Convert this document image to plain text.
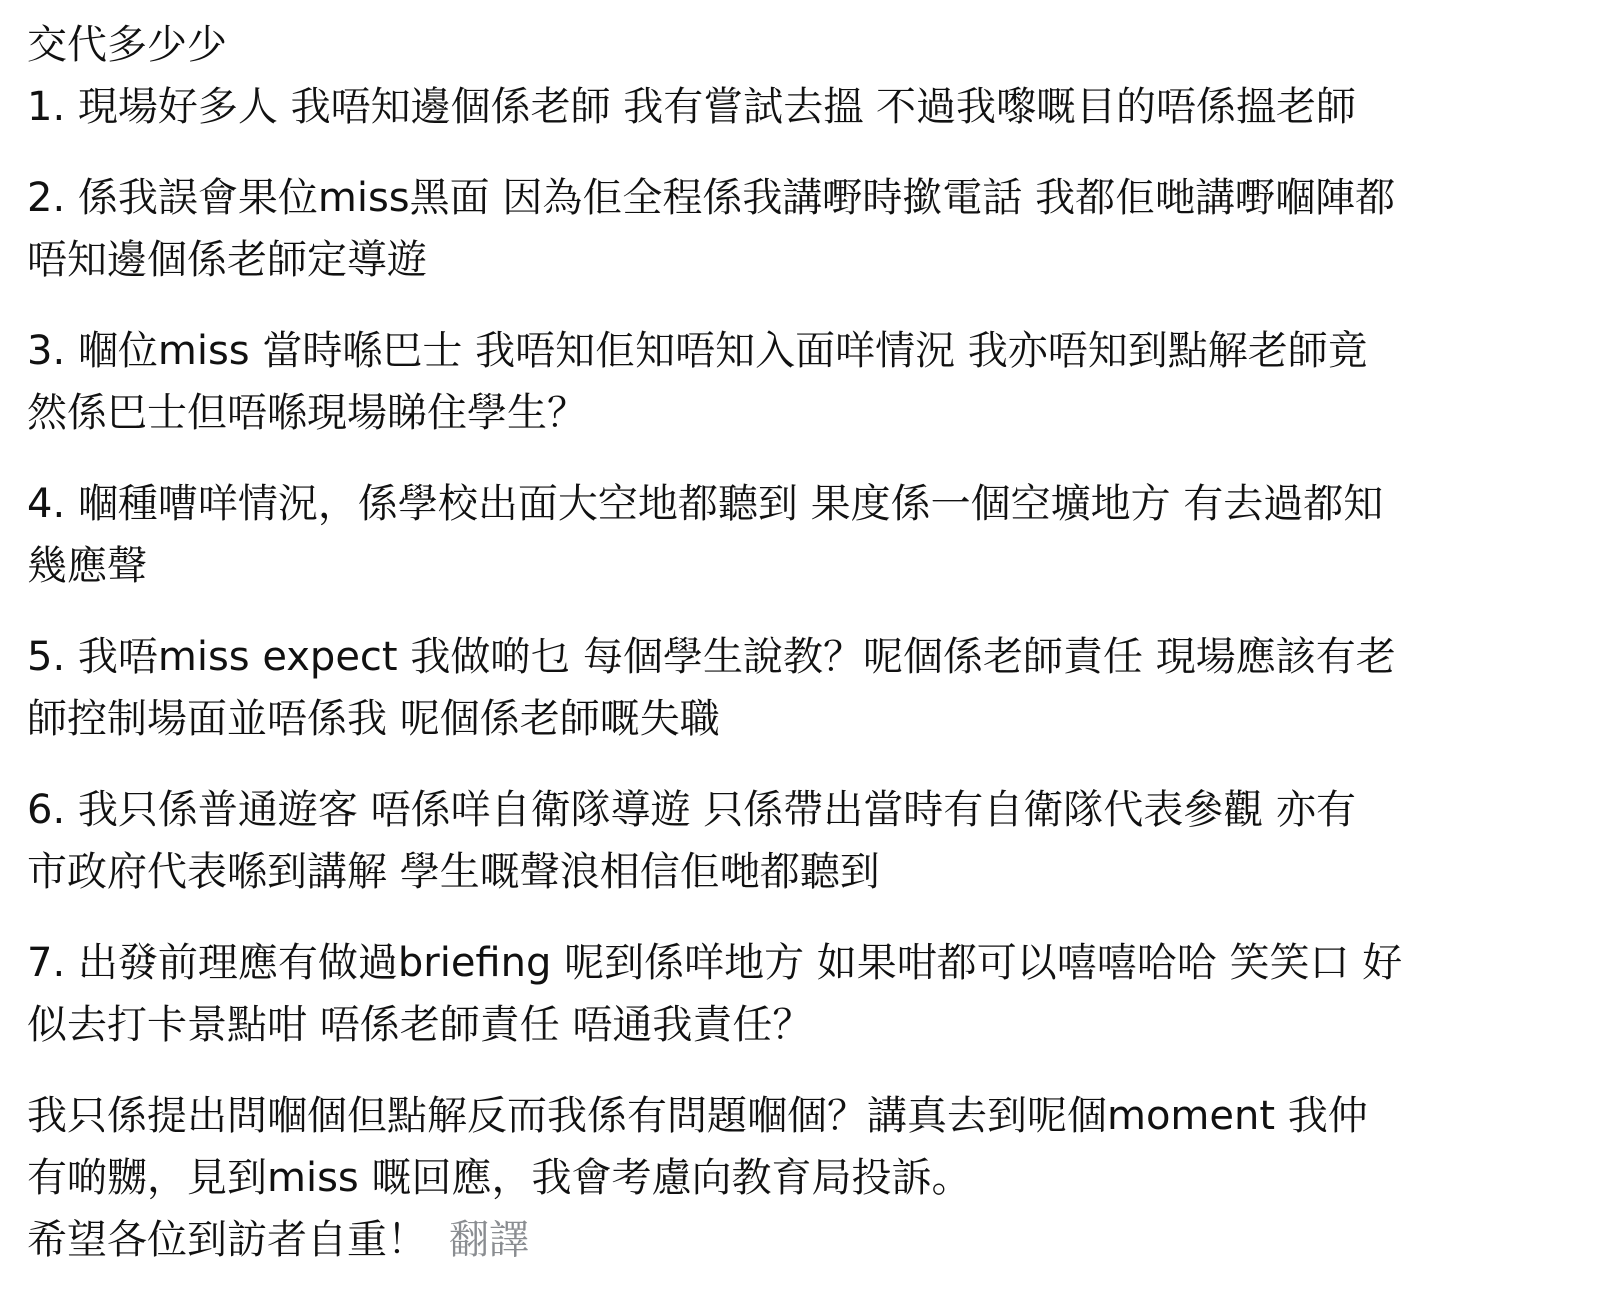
交代多少少
1. 現場好多人 我唔知邊個係老師 我有嘗試去搵 不過我嚟嘅目的唔係搵老師
2. 係我誤會果位miss黑面 因為佢全程係我講嘢時撳電話 我都佢哋講嘢嗰陣都
唔知邊個係老師定導遊
3. 嗰位miss 當時喺巴士 我唔知佢知唔知入面咩情況 我亦唔知到點解老師竟
然係巴士但唔喺現場睇住學生？
4. 嗰種嘈咩情況，係學校出面大空地都聽到 果度係一個空壙地方 有去過都知
幾應聲
5. 我唔miss expect 我做啲乜 每個學生說教？呢個係老師責任 現場應該有老
師控制場面並唔係我 呢個係老師嘅失職
6. 我只係普通遊客 唔係咩自衛隊導遊 只係帶出當時有自衛隊代表參觀 亦有
市政府代表喺到講解 學生嘅聲浪相信佢哋都聽到
7. 出發前理應有做過briefing 呢到係咩地方 如果咁都可以嘻嘻哈哈 笑笑口 好
似去打卡景點咁 唔係老師責任 唔通我責任？
我只係提出問嗰個但點解反而我係有問題嗰個？講真去到呢個moment 我仲
有啲嬲，見到miss 嘅回應，我會考慮向教育局投訴。
希望各位到訪者自重！ 翻譯
